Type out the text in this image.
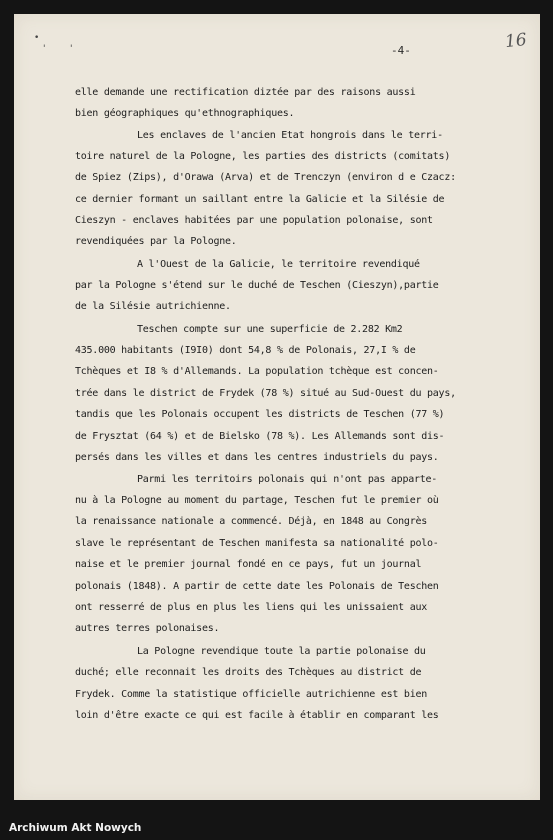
•
'	'	-4-	16
elle demande une rectification diztée par des raisons aussi
bien géographiques qu'ethnographiques.
Les enclaves de l'ancien Etat hongrois dans le terri-
toire naturel de la Pologne, les parties des districts (comitats)
de Spiez (Zips), d'Orawa (Arva) et de Trenczyn (environ d e Czacz:
ce dernier formant un saillant entre la Galicie et la Silésie de
Cieszyn - enclaves habitées par une population polonaise, sont
revendiquées par la Pologne.
A l'Ouest de la Galicie, le territoire revendiqué
par la Pologne s'étend sur le duché de Teschen (Cieszyn),partie
de la Silésie autrichienne.
Teschen compte sur une superficie de 2.282 Km2
435.000 habitants (I9I0) dont 54,8 % de Polonais, 27,I % de
Tchèques et I8 % d'Allemands. La population tchèque est concen-
trée dans le district de Frydek (78 %) situé au Sud-Ouest du pays,
tandis que les Polonais occupent les districts de Teschen (77 %)
de Frysztat (64 %) et de Bielsko (78 %). Les Allemands sont dis-
persés dans les villes et dans les centres industriels du pays.
Parmi les territoirs polonais qui n'ont pas apparte-
nu à la Pologne au moment du partage, Teschen fut le premier où
la renaissance nationale a commencé. Déjà, en 1848 au Congrès
slave le représentant de Teschen manifesta sa nationalité polo-
naise et le premier journal fondé en ce pays, fut un journal
polonais (1848). A partir de cette date les Polonais de Teschen
ont resserré de plus en plus les liens qui les unissaient aux
autres terres polonaises.
La Pologne revendique toute la partie polonaise du
duché; elle reconnait les droits des Tchèques au district de
Frydek. Comme la statistique officielle autrichienne est bien
loin d'être exacte ce qui est facile à établir en comparant les
Archiwum Akt Nowych
